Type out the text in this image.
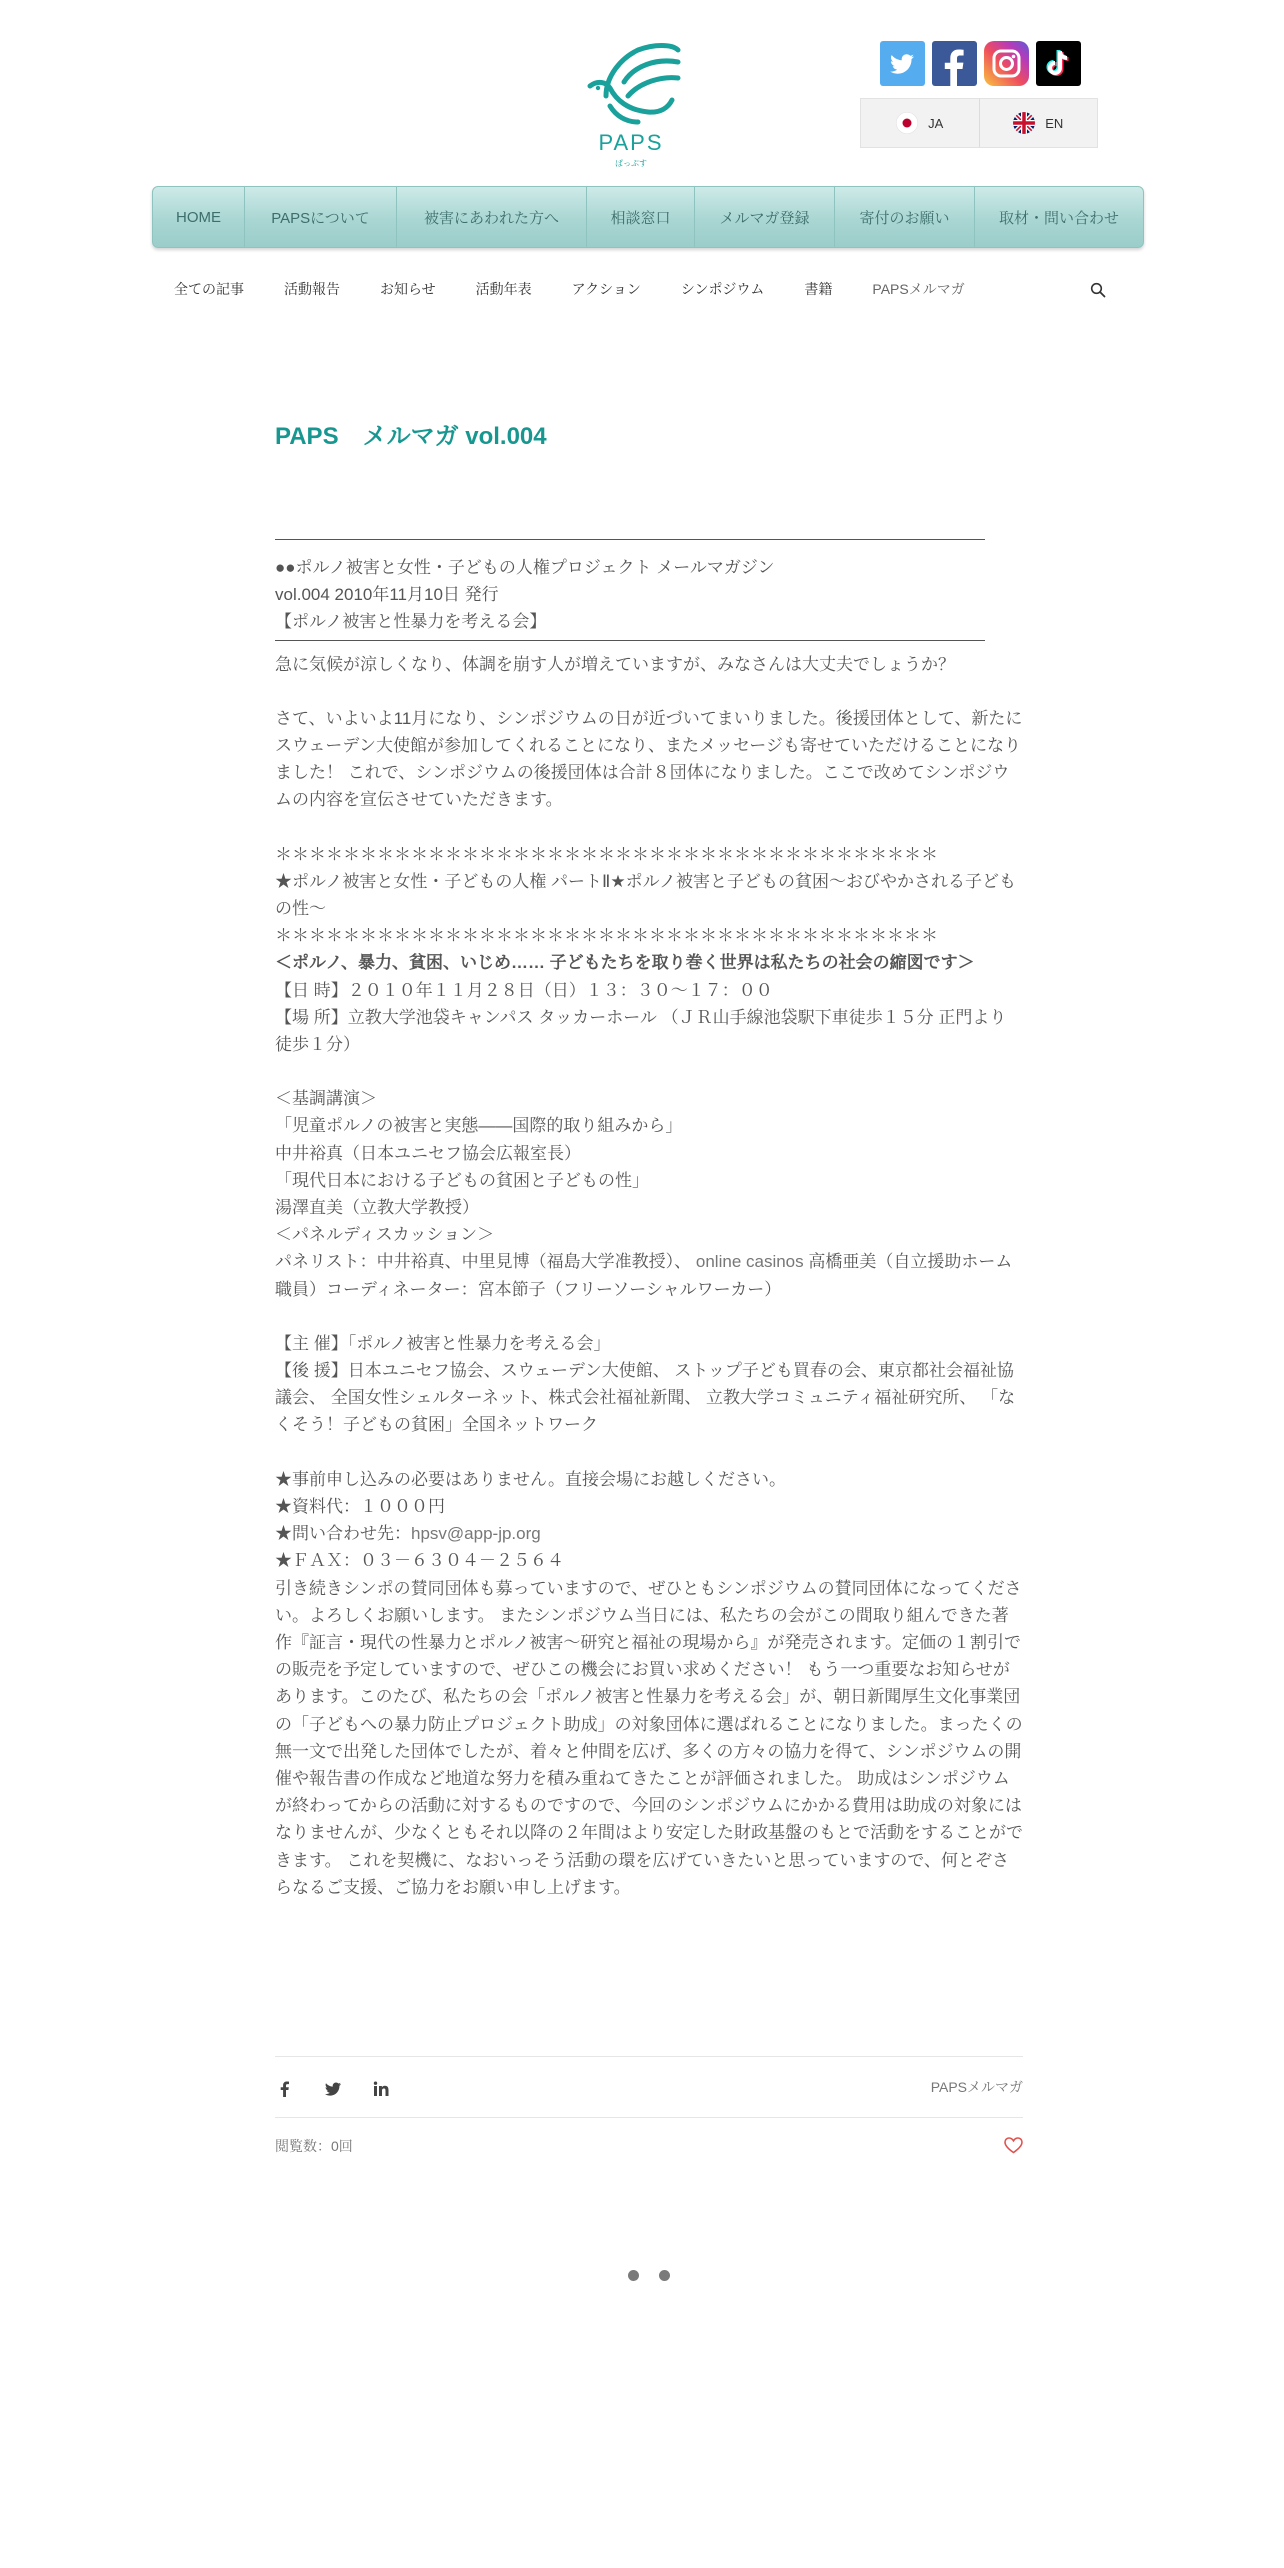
PAPS
ぱっぷす
JA	EN
HOME	PAPSについて	被害にあわれた方へ	相談窓口	メルマガ登録	寄付のお願い	取材・問い合わせ
全ての記事	活動報告	お知らせ	活動年表	アクション	シンポジウム	書籍	PAPSメルマガ
PAPS　メルマガ vol.004

●●ポルノ被害と女性・子どもの人権プロジェクト メールマガジン

vol.004 2010年11月10日 発行

【ポルノ被害と性暴力を考える会】

急に気候が涼しくなり、体調を崩す人が増えていますが、みなさんは大丈夫でしょうか？

さて、いよいよ11月になり、シンポジウムの日が近づいてまいりました。後援団体として、新たにスウェーデン大使館が参加してくれることになり、またメッセージも寄せていただけることになりました！ これで、シンポジウムの後援団体は合計８団体になりました。ここで改めてシンポジウムの内容を宣伝させていただきます。

＊＊＊＊＊＊＊＊＊＊＊＊＊＊＊＊＊＊＊＊＊＊＊＊＊＊＊＊＊＊＊＊＊＊＊＊＊＊＊

★ポルノ被害と女性・子どもの人権 パートⅡ★ポルノ被害と子どもの貧困～おびやかされる子どもの性～

＊＊＊＊＊＊＊＊＊＊＊＊＊＊＊＊＊＊＊＊＊＊＊＊＊＊＊＊＊＊＊＊＊＊＊＊＊＊＊

＜ポルノ、暴力、貧困、いじめ…… 子どもたちを取り巻く世界は私たちの社会の縮図です＞

【日 時】２０１０年１１月２８日（日）１３：３０～１７：００

【場 所】立教大学池袋キャンパス タッカーホール （ＪＲ山手線池袋駅下車徒歩１５分 正門より徒歩１分）

＜基調講演＞

「児童ポルノの被害と実態――国際的取り組みから」

中井裕真（日本ユニセフ協会広報室長）

「現代日本における子どもの貧困と子どもの性」

湯澤直美（立教大学教授）

＜パネルディスカッション＞

パネリスト：中井裕真、中里見博（福島大学准教授）、 online casinos 高橋亜美（自立援助ホーム職員）コーディネーター：宮本節子（フリーソーシャルワーカー）

【主 催】「ポルノ被害と性暴力を考える会」

【後 援】日本ユニセフ協会、スウェーデン大使館、 ストップ子ども買春の会、東京都社会福祉協議会、 全国女性シェルターネット、株式会社福祉新聞、 立教大学コミュニティ福祉研究所、 「なくそう！子どもの貧困」全国ネットワーク

★事前申し込みの必要はありません。直接会場にお越しください。

★資料代：１０００円

★問い合わせ先：hpsv@app-jp.org

★ＦＡＸ：０３－６３０４－２５６４

引き続きシンポの賛同団体も募っていますので、ぜひともシンポジウムの賛同団体になってください。よろしくお願いします。 またシンポジウム当日には、私たちの会がこの間取り組んできた著作『証言・現代の性暴力とポルノ被害～研究と福祉の現場から』が発売されます。定価の１割引での販売を予定していますので、ぜひこの機会にお買い求めください！ もう一つ重要なお知らせがあります。このたび、私たちの会「ポルノ被害と性暴力を考える会」が、朝日新聞厚生文化事業団の「子どもへの暴力防止プロジェクト助成」の対象団体に選ばれることになりました。まったくの無一文で出発した団体でしたが、着々と仲間を広げ、多くの方々の協力を得て、シンポジウムの開催や報告書の作成など地道な努力を積み重ねてきたことが評価されました。 助成はシンポジウムが終わってからの活動に対するものですので、今回のシンポジウムにかかる費用は助成の対象にはなりませんが、少なくともそれ以降の２年間はより安定した財政基盤のもとで活動をすることができます。 これを契機に、なおいっそう活動の環を広げていきたいと思っていますので、何とぞさらなるご支援、ご協力をお願い申し上げます。

PAPSメルマガ
閲覧数：0回
